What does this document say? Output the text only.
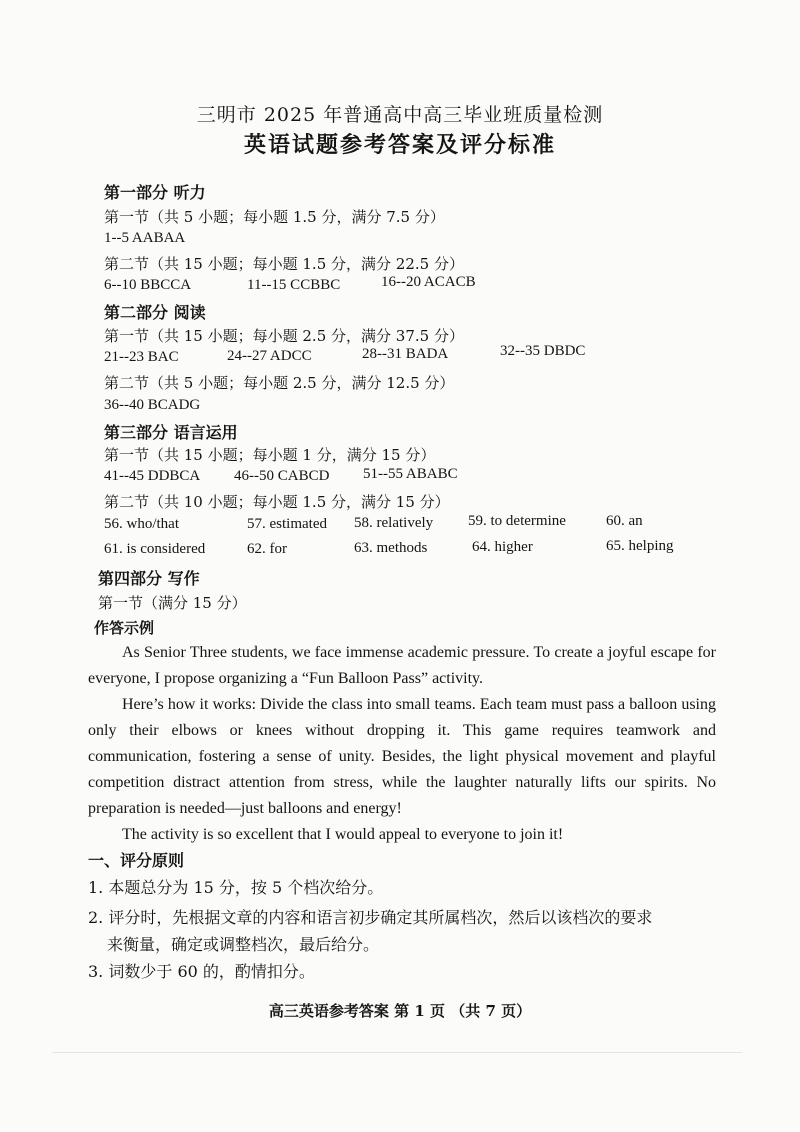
三明市 2025 年普通高中高三毕业班质量检测
英语试题参考答案及评分标准
第一部分 听力
第一节（共 5 小题；每小题 1.5 分，满分 7.5 分）
1--5 AABAA
第二节（共 15 小题；每小题 1.5 分，满分 22.5 分）
6--10 BBCCA	11--15 CCBBC	16--20 ACACB
第二部分 阅读
第一节（共 15 小题；每小题 2.5 分，满分 37.5 分）
21--23 BAC	24--27 ADCC	28--31 BADA	32--35 DBDC
第二节（共 5 小题；每小题 2.5 分，满分 12.5 分）
36--40 BCADG
第三部分 语言运用
第一节（共 15 小题；每小题 1 分，满分 15 分）
41--45 DDBCA 46--50 CABCD 51--55 ABABC
第二节（共 10 小题；每小题 1.5 分，满分 15 分）
56. who/that	57. estimated 58. relatively 59. to determine	60. an
61. is considered	62. for	63. methods	64. higher	65. helping
第四部分 写作
第一节（满分 15 分）
作答示例
As Senior Three students, we face immense academic pressure. To create a joyful escape for everyone, I propose organizing a “Fun Balloon Pass” activity.
Here’s how it works: Divide the class into small teams. Each team must pass a balloon using only their elbows or knees without dropping it. This game requires teamwork and communication, fostering a sense of unity. Besides, the light physical movement and playful competition distract attention from stress, while the laughter naturally lifts our spirits. No preparation is needed—just balloons and energy!
The activity is so excellent that I would appeal to everyone to join it!
一、评分原则
1. 本题总分为 15 分，按 5 个档次给分。
2. 评分时，先根据文章的内容和语言初步确定其所属档次，然后以该档次的要求
来衡量，确定或调整档次，最后给分。
3. 词数少于 60 的，酌情扣分。
高三英语参考答案 第 1 页 （共 7 页）
